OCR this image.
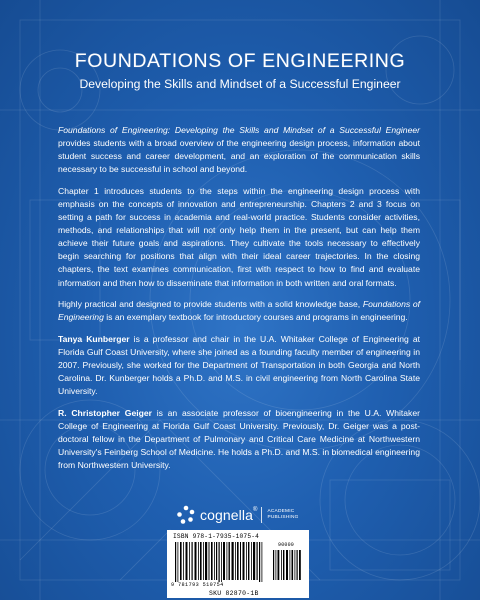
FOUNDATIONS OF ENGINEERING
Developing the Skills and Mindset of a Successful Engineer

Foundations of Engineering: Developing the Skills and Mindset of a Successful Engineer provides students with a broad overview of the engineering design process, information about student success and career development, and an exploration of the communication skills necessary to be successful in school and beyond.

Chapter 1 introduces students to the steps within the engineering design process with emphasis on the concepts of innovation and entrepreneurship. Chapters 2 and 3 focus on setting a path for success in academia and real-world practice. Students consider activities, methods, and relationships that will not only help them in the present, but can help them achieve their future goals and aspirations. They cultivate the tools necessary to effectively begin searching for positions that align with their ideal career trajectories. In the closing chapters, the text examines communication, first with respect to how to find and evaluate information and then how to disseminate that information in both written and oral formats.

Highly practical and designed to provide students with a solid knowledge base, Foundations of Engineering is an exemplary textbook for introductory courses and programs in engineering.

Tanya Kunberger is a professor and chair in the U.A. Whitaker College of Engineering at Florida Gulf Coast University, where she joined as a founding faculty member of engineering in 2007. Previously, she worked for the Department of Transportation in both Georgia and North Carolina. Dr. Kunberger holds a Ph.D. and M.S. in civil engineering from North Carolina State University.

R. Christopher Geiger is an associate professor of bioengineering in the U.A. Whitaker College of Engineering at Florida Gulf Coast University. Previously, Dr. Geiger was a post-doctoral fellow in the Department of Pulmonary and Critical Care Medicine at Northwestern University's Feinberg School of Medicine. He holds a Ph.D. and M.S. in biomedical engineering from Northwestern University.

cognella® ACADEMIC
PUBLISHING
ISBN 978-1-7935-1075-4
90000
9 781793 510754
SKU 82870-1B
